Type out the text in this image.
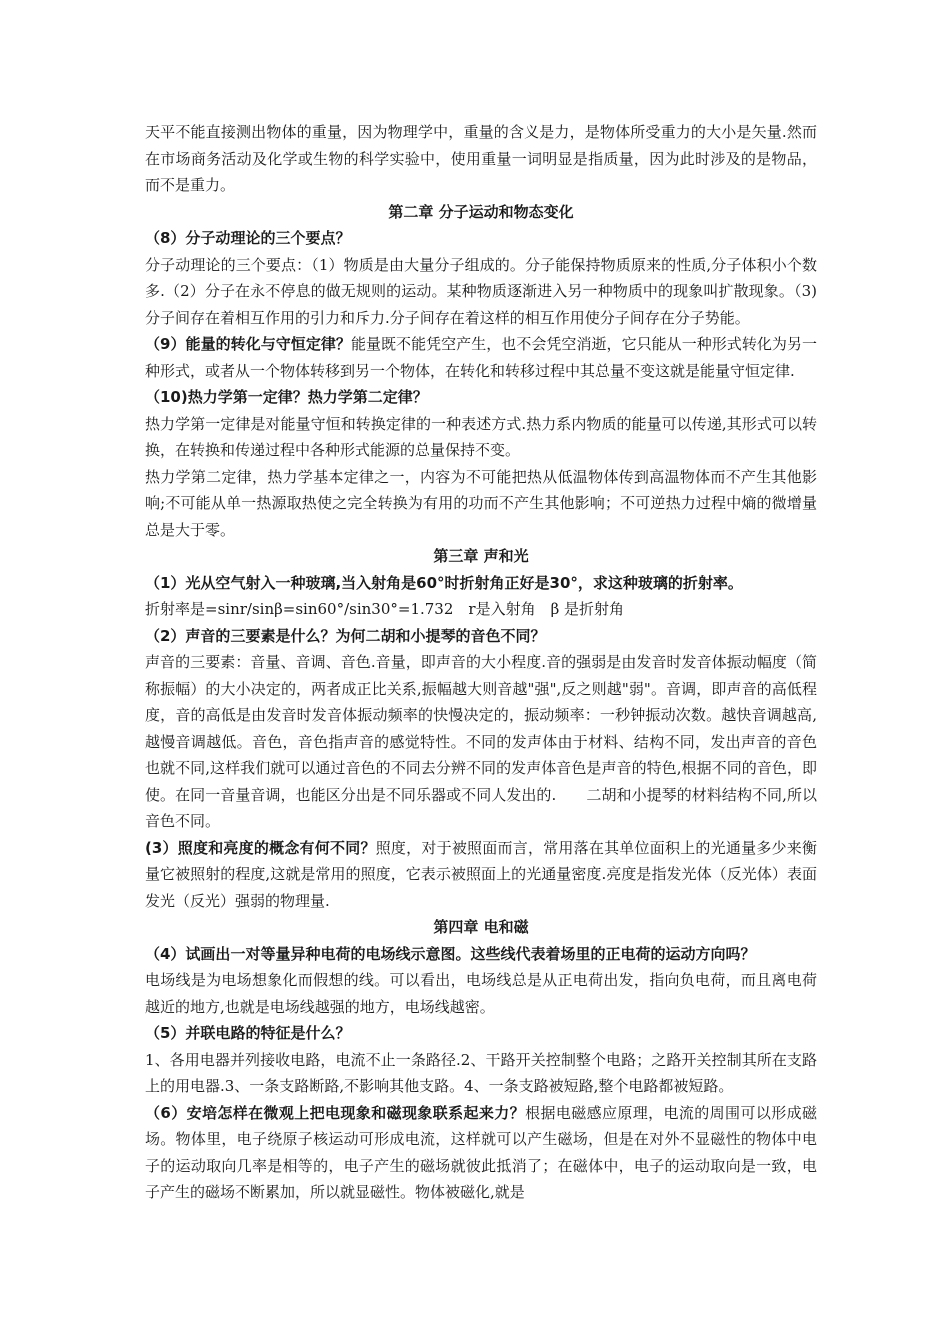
天平不能直接测出物体的重量，因为物理学中，重量的含义是力，是物体所受重力的大小是矢量.然而在市场商务活动及化学或生物的科学实验中，使用重量一词明显是指质量，因为此时涉及的是物品，而不是重力。

第二章 分子运动和物态变化

（8）分子动理论的三个要点？

分子动理论的三个要点：（1）物质是由大量分子组成的。分子能保持物质原来的性质,分子体积小个数多.（2）分子在永不停息的做无规则的运动。某种物质逐渐进入另一种物质中的现象叫扩散现象。（3)分子间存在着相互作用的引力和斥力.分子间存在着这样的相互作用使分子间存在分子势能。

（9）能量的转化与守恒定律？能量既不能凭空产生，也不会凭空消逝，它只能从一种形式转化为另一种形式，或者从一个物体转移到另一个物体，在转化和转移过程中其总量不变这就是能量守恒定律.

（10)热力学第一定律？热力学第二定律？

热力学第一定律是对能量守恒和转换定律的一种表述方式.热力系内物质的能量可以传递,其形式可以转换，在转换和传递过程中各种形式能源的总量保持不变。

热力学第二定律，热力学基本定律之一，内容为不可能把热从低温物体传到高温物体而不产生其他影响;不可能从单一热源取热使之完全转换为有用的功而不产生其他影响；不可逆热力过程中熵的微增量总是大于零。

第三章 声和光

（1）光从空气射入一种玻璃,当入射角是60°时折射角正好是30°，求这种玻璃的折射率。

折射率是=sinr/sinβ=sin60°/sin30°=1.732　r是入射角　β 是折射角

（2）声音的三要素是什么？为何二胡和小提琴的音色不同？

声音的三要素：音量、音调、音色.音量，即声音的大小程度.音的强弱是由发音时发音体振动幅度（简称振幅）的大小决定的，两者成正比关系,振幅越大则音越"强",反之则越"弱"。音调，即声音的高低程度，音的高低是由发音时发音体振动频率的快慢决定的，振动频率：一秒钟振动次数。越快音调越高,越慢音调越低。音色，音色指声音的感觉特性。不同的发声体由于材料、结构不同，发出声音的音色也就不同,这样我们就可以通过音色的不同去分辨不同的发声体音色是声音的特色,根据不同的音色，即使。在同一音量音调，也能区分出是不同乐器或不同人发出的.　　二胡和小提琴的材料结构不同,所以音色不同。

(3）照度和亮度的概念有何不同？照度，对于被照面而言，常用落在其单位面积上的光通量多少来衡量它被照射的程度,这就是常用的照度，它表示被照面上的光通量密度.亮度是指发光体（反光体）表面发光（反光）强弱的物理量.

第四章 电和磁

（4）试画出一对等量异种电荷的电场线示意图。这些线代表着场里的正电荷的运动方向吗？

电场线是为电场想象化而假想的线。可以看出，电场线总是从正电荷出发，指向负电荷，而且离电荷越近的地方,也就是电场线越强的地方，电场线越密。

（5）并联电路的特征是什么？

1、各用电器并列接收电路，电流不止一条路径.2、干路开关控制整个电路；之路开关控制其所在支路上的用电器.3、一条支路断路,不影响其他支路。4、一条支路被短路,整个电路都被短路。

（6）安培怎样在微观上把电现象和磁现象联系起来力？根据电磁感应原理，电流的周围可以形成磁场。物体里，电子绕原子核运动可形成电流，这样就可以产生磁场，但是在对外不显磁性的物体中电子的运动取向几率是相等的，电子产生的磁场就彼此抵消了；在磁体中，电子的运动取向是一致，电子产生的磁场不断累加，所以就显磁性。物体被磁化,就是
